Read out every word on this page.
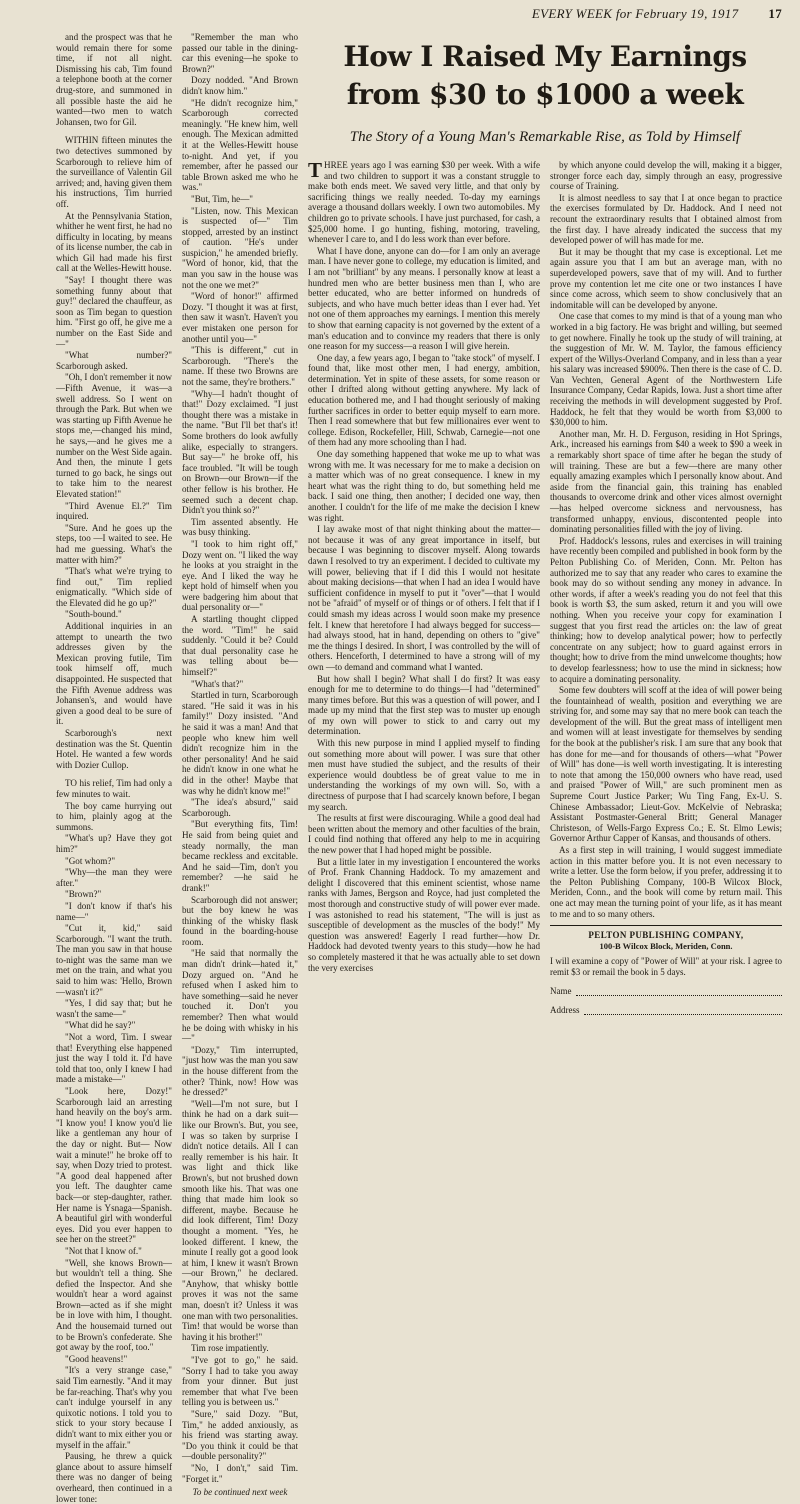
EVERY WEEK for February 19, 1917 17

and the prospect was that he would remain there for some time, if not all night. Dismissing his cab, Tim found a telephone booth at the corner drug-store, and summoned in all possible haste the aid he wanted—two men to watch Johansen, two for Gil.

WITHIN fifteen minutes the two detectives summoned by Scarborough to relieve him of the surveillance of Valentin Gil arrived; and, having given them his instructions, Tim hurried off.

At the Pennsylvania Station, whither he went first, he had no difficulty in locating, by means of its license number, the cab in which Gil had made his first call at the Welles-Hewitt house.

"Say! I thought there was something funny about that guy!" declared the chauffeur, as soon as Tim began to question him. "First go off, he give me a number on the East Side and—"

"What number?" Scarborough asked.

"Oh, I don't remember it now—Fifth Avenue, it was—a swell address. So I went on through the Park. But when we was starting up Fifth Avenue he stops me,—changed his mind, he says,—and he gives me a number on the West Side again. And then, the minute I gets turned to go back, he sings out to take him to the nearest Elevated station!"

"Third Avenue El.?" Tim inquired.

"Sure. And he goes up the steps, too —I waited to see. He had me guessing. What's the matter with him?"

"That's what we're trying to find out," Tim replied enigmatically. "Which side of the Elevated did he go up?"

"South-bound."

Additional inquiries in an attempt to unearth the two addresses given by the Mexican proving futile, Tim took himself off, much disappointed. He suspected that the Fifth Avenue address was Johansen's, and would have given a good deal to be sure of it.

Scarborough's next destination was the St. Quentin Hotel. He wanted a few words with Dozier Cullop.

TO his relief, Tim had only a few minutes to wait.

The boy came hurrying out to him, plainly agog at the summons.

"What's up? Have they got him?"

"Got whom?"

"Why—the man they were after."

"Brown?"

"I don't know if that's his name—"

"Cut it, kid," said Scarborough. "I want the truth. The man you saw in that house to-night was the same man we met on the train, and what you said to him was: 'Hello, Brown—wasn't it?"

"Yes, I did say that; but he wasn't the same—"

"What did he say?"

"Not a word, Tim. I swear that! Everything else happened just the way I told it. I'd have told that too, only I knew I had made a mistake—"

"Look here, Dozy!" Scarborough laid an arresting hand heavily on the boy's arm. "I know you! I know you'd lie like a gentleman any hour of the day or night. But— Now wait a minute!" he broke off to say, when Dozy tried to protest. "A good deal happened after you left. The daughter came back—or step-daughter, rather. Her name is Ysnaga—Spanish. A beautiful girl with wonderful eyes. Did you ever happen to see her on the street?"

"Not that I know of."

"Well, she knows Brown—but wouldn't tell a thing. She defied the Inspector. And she wouldn't hear a word against Brown—acted as if she might be in love with him, I thought. And the housemaid turned out to be Brown's confederate. She got away by the roof, too."

"Good heavens!"

"It's a very strange case," said Tim earnestly. "And it may be far-reaching. That's why you can't indulge yourself in any quixotic notions. I told you to stick to your story because I didn't want to mix either you or myself in the affair."

Pausing, he threw a quick glance about to assure himself there was no danger of being overheard, then continued in a lower tone:

"Remember the man who passed our table in the dining-car this evening—he spoke to Brown?"

Dozy nodded. "And Brown didn't know him."

"He didn't recognize him," Scarborough corrected meaningly. "He knew him, well enough. The Mexican admitted it at the Welles-Hewitt house to-night. And yet, if you remember, after he passed our table Brown asked me who he was."

"But, Tim, he—"

"Listen, now. This Mexican is suspected of—" Tim stopped, arrested by an instinct of caution. "He's under suspicion," he amended briefly. "Word of honor, kid, that the man you saw in the house was not the one we met?"

"Word of honor!" affirmed Dozy. "I thought it was at first, then saw it wasn't. Haven't you ever mistaken one person for another until you—"

"This is different," cut in Scarborough. "There's the name. If these two Browns are not the same, they're brothers."

"Why—I hadn't thought of that!" Dozy exclaimed. "I just thought there was a mistake in the name. "But I'll bet that's it! Some brothers do look awfully alike, especially to strangers. But say—" he broke off, his face troubled. "It will be tough on Brown—our Brown—if the other fellow is his brother. He seemed such a decent chap. Didn't you think so?"

Tim assented absently. He was busy thinking.

"I took to him right off," Dozy went on. "I liked the way he looks at you straight in the eye. And I liked the way he kept hold of himself when you were badgering him about that dual personality or—"

A startling thought clipped the word. "Tim!" he said suddenly. "Could it be? Could that dual personality case he was telling about be—himself?"

"What's that?"

Startled in turn, Scarborough stared. "He said it was in his family!" Dozy insisted. "And he said it was a man! And that people who knew him well didn't recognize him in the other personality! And he said he didn't know in one what he did in the other! Maybe that was why he didn't know me!"

"The idea's absurd," said Scarborough.

"But everything fits, Tim! He said from being quiet and steady normally, the man became reckless and excitable. And he said—Tim, don't you remember? —he said he drank!"

Scarborough did not answer; but the boy knew he was thinking of the whisky flask found in the boarding-house room.

"He said that normally the man didn't drink—hated it," Dozy argued on. "And he refused when I asked him to have something—said he never touched it. Don't you remember? Then what would he be doing with whisky in his—"

"Dozy," Tim interrupted, "just how was the man you saw in the house different from the other? Think, now! How was he dressed?"

"Well—I'm not sure, but I think he had on a dark suit—like our Brown's. But, you see, I was so taken by surprise I didn't notice details. All I can really remember is his hair. It was light and thick like Brown's, but not brushed down smooth like his. That was one thing that made him look so different, maybe. Because he did look different, Tim! Dozy thought a moment. "Yes, he looked different. I knew, the minute I really got a good look at him, I knew it wasn't Brown—our Brown," he declared. "Anyhow, that whisky bottle proves it was not the same man, doesn't it? Unless it was one man with two personalities. Tim! that would be worse than having it his brother!"

Tim rose impatiently.

"I've got to go," he said. "Sorry I had to take you away from your dinner. But just remember that what I've been telling you is between us."

"Sure," said Dozy. "But, Tim," he added anxiously, as his friend was starting away. "Do you think it could be that—double personality?"

"No, I don't," said Tim. "Forget it."

To be continued next week
How I Raised My Earnings
from $30 to $1000 a week
The Story of a Young Man's Remarkable Rise, as Told by Himself

THREE years ago I was earning $30 per week. With a wife and two children to support it was a constant struggle to make both ends meet. We saved very little, and that only by sacrificing things we really needed. To-day my earnings average a thousand dollars weekly. I own two automobiles. My children go to private schools. I have just purchased, for cash, a $25,000 home. I go hunting, fishing, motoring, traveling, whenever I care to, and I do less work than ever before.

What I have done, anyone can do—for I am only an average man. I have never gone to college, my education is limited, and I am not "brilliant" by any means. I personally know at least a hundred men who are better business men than I, who are better educated, who are better informed on hundreds of subjects, and who have much better ideas than I ever had. Yet not one of them approaches my earnings. I mention this merely to show that earning capacity is not governed by the extent of a man's education and to convince my readers that there is only one reason for my success—a reason I will give herein.

One day, a few years ago, I began to "take stock" of myself. I found that, like most other men, I had energy, ambition, determination. Yet in spite of these assets, for some reason or other I drifted along without getting anywhere. My lack of education bothered me, and I had thought seriously of making further sacrifices in order to better equip myself to earn more. Then I read somewhere that but few millionaires ever went to college. Edison, Rockefeller, Hill, Schwab, Carnegie—not one of them had any more schooling than I had.

One day something happened that woke me up to what was wrong with me. It was necessary for me to make a decision on a matter which was of no great consequence. I knew in my heart what was the right thing to do, but something held me back. I said one thing, then another; I decided one way, then another. I couldn't for the life of me make the decision I knew was right.

I lay awake most of that night thinking about the matter—not because it was of any great importance in itself, but because I was beginning to discover myself. Along towards dawn I resolved to try an experiment. I decided to cultivate my will power, believing that if I did this I would not hesitate about making decisions—that when I had an idea I would have sufficient confidence in myself to put it "over"—that I would not be "afraid" of myself or of things or of others. I felt that if I could smash my ideas across I would soon make my presence felt. I knew that heretofore I had always begged for success—had always stood, hat in hand, depending on others to "give" me the things I desired. In short, I was controlled by the will of others. Henceforth, I determined to have a strong will of my own —to demand and command what I wanted.

But how shall I begin? What shall I do first? It was easy enough for me to determine to do things—I had "determined" many times before. But this was a question of will power, and I made up my mind that the first step was to muster up enough of my own will power to stick to and carry out my determination.

With this new purpose in mind I applied myself to finding out something more about will power. I was sure that other men must have studied the subject, and the results of their experience would doubtless be of great value to me in understanding the workings of my own will. So, with a directness of purpose that I had scarcely known before, I began my search.

The results at first were discouraging. While a good deal had been written about the memory and other faculties of the brain, I could find nothing that offered any help to me in acquiring the new power that I had hoped might be possible.

But a little later in my investigation I encountered the works of Prof. Frank Channing Haddock. To my amazement and delight I discovered that this eminent scientist, whose name ranks with James, Bergson and Royce, had just completed the most thorough and constructive study of will power ever made. I was astonished to read his statement, "The will is just as susceptible of development as the muscles of the body!" My question was answered! Eagerly I read further—how Dr. Haddock had devoted twenty years to this study—how he had so completely mastered it that he was actually able to set down the very exercises

by which anyone could develop the will, making it a bigger, stronger force each day, simply through an easy, progressive course of Training.

It is almost needless to say that I at once began to practice the exercises formulated by Dr. Haddock. And I need not recount the extraordinary results that I obtained almost from the first day. I have already indicated the success that my developed power of will has made for me.

But it may be thought that my case is exceptional. Let me again assure you that I am but an average man, with no superdeveloped powers, save that of my will. And to further prove my contention let me cite one or two instances I have since come across, which seem to show conclusively that an indomitable will can be developed by anyone.

One case that comes to my mind is that of a young man who worked in a big factory. He was bright and willing, but seemed to get nowhere. Finally he took up the study of will training, at the suggestion of Mr. W. M. Taylor, the famous efficiency expert of the Willys-Overland Company, and in less than a year his salary was increased $900%. Then there is the case of C. D. Van Vechten, General Agent of the Northwestern Life Insurance Company, Cedar Rapids, Iowa. Just a short time after receiving the methods in will development suggested by Prof. Haddock, he felt that they would be worth from $3,000 to $30,000 to him.

Another man, Mr. H. D. Ferguson, residing in Hot Springs, Ark., increased his earnings from $40 a week to $90 a week in a remarkably short space of time after he began the study of will training. These are but a few—there are many other equally amazing examples which I personally know about. And aside from the financial gain, this training has enabled thousands to overcome drink and other vices almost overnight—has helped overcome sickness and nervousness, has transformed unhappy, envious, discontented people into dominating personalities filled with the joy of living.

Prof. Haddock's lessons, rules and exercises in will training have recently been compiled and published in book form by the Pelton Publishing Co. of Meriden, Conn. Mr. Pelton has authorized me to say that any reader who cares to examine the book may do so without sending any money in advance. In other words, if after a week's reading you do not feel that this book is worth $3, the sum asked, return it and you will owe nothing. When you receive your copy for examination I suggest that you first read the articles on: the law of great thinking; how to develop analytical power; how to perfectly concentrate on any subject; how to guard against errors in thought; how to drive from the mind unwelcome thoughts; how to develop fearlessness; how to use the mind in sickness; how to acquire a dominating personality.

Some few doubters will scoff at the idea of will power being the fountainhead of wealth, position and everything we are striving for, and some may say that no mere book can teach the development of the will. But the great mass of intelligent men and women will at least investigate for themselves by sending for the book at the publisher's risk. I am sure that any book that has done for me—and for thousands of others—what "Power of Will" has done—is well worth investigating. It is interesting to note that among the 150,000 owners who have read, used and praised "Power of Will," are such prominent men as Supreme Court Justice Parker; Wu Ting Fang, Ex-U. S. Chinese Ambassador; Lieut-Gov. McKelvie of Nebraska; Assistant Postmaster-General Britt; General Manager Christeson, of Wells-Fargo Express Co.; E. St. Elmo Lewis; Governor Arthur Capper of Kansas, and thousands of others.

As a first step in will training, I would suggest immediate action in this matter before you. It is not even necessary to write a letter. Use the form below, if you prefer, addressing it to the Pelton Publishing Company, 100-B Wilcox Block, Meriden, Conn., and the book will come by return mail. This one act may mean the turning point of your life, as it has meant to me and to so many others.

PELTON PUBLISHING COMPANY,
100-B Wilcox Block, Meriden, Conn.
I will examine a copy of "Power of Will" at your risk. I agree to remit $3 or remail the book in 5 days.
Name
Address
